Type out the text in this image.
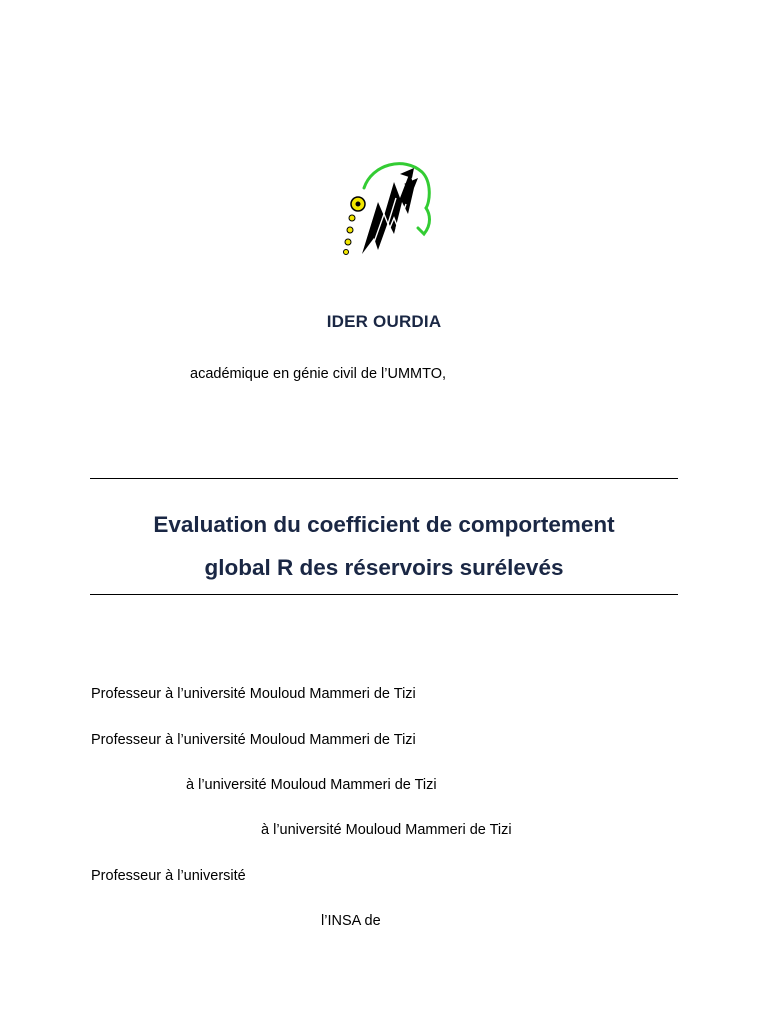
IDER OURDIA
académique en génie civil de l’UMMTO,
Evaluation du coefficient de comportement
global R des réservoirs surélevés
Professeur à l’université Mouloud Mammeri de Tizi
Professeur à l’université Mouloud Mammeri de Tizi
à l’université Mouloud Mammeri de Tizi
à l’université Mouloud Mammeri de Tizi
Professeur à l’université
l’INSA de
